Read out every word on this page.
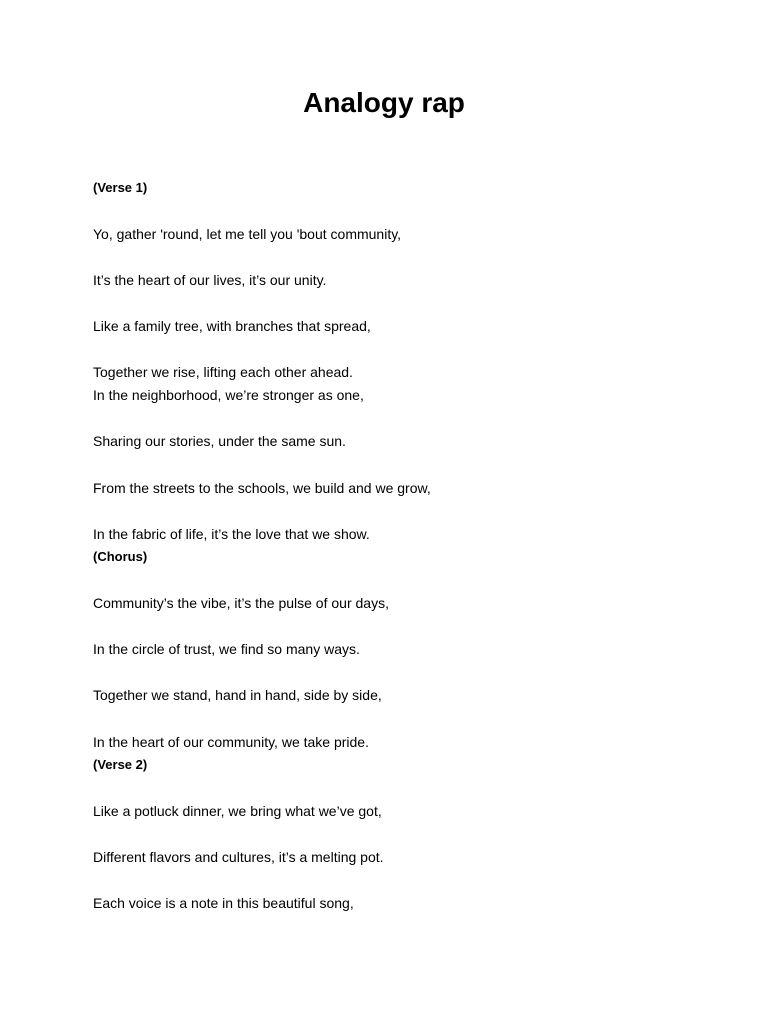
Analogy rap

(Verse 1)

Yo, gather 'round, let me tell you 'bout community,

It’s the heart of our lives, it’s our unity.

Like a family tree, with branches that spread,

Together we rise, lifting each other ahead.

In the neighborhood, we’re stronger as one,

Sharing our stories, under the same sun.

From the streets to the schools, we build and we grow,

In the fabric of life, it’s the love that we show.

(Chorus)

Community’s the vibe, it’s the pulse of our days,

In the circle of trust, we find so many ways.

Together we stand, hand in hand, side by side,

In the heart of our community, we take pride.

(Verse 2)

Like a potluck dinner, we bring what we’ve got,

Different flavors and cultures, it’s a melting pot.

Each voice is a note in this beautiful song,
